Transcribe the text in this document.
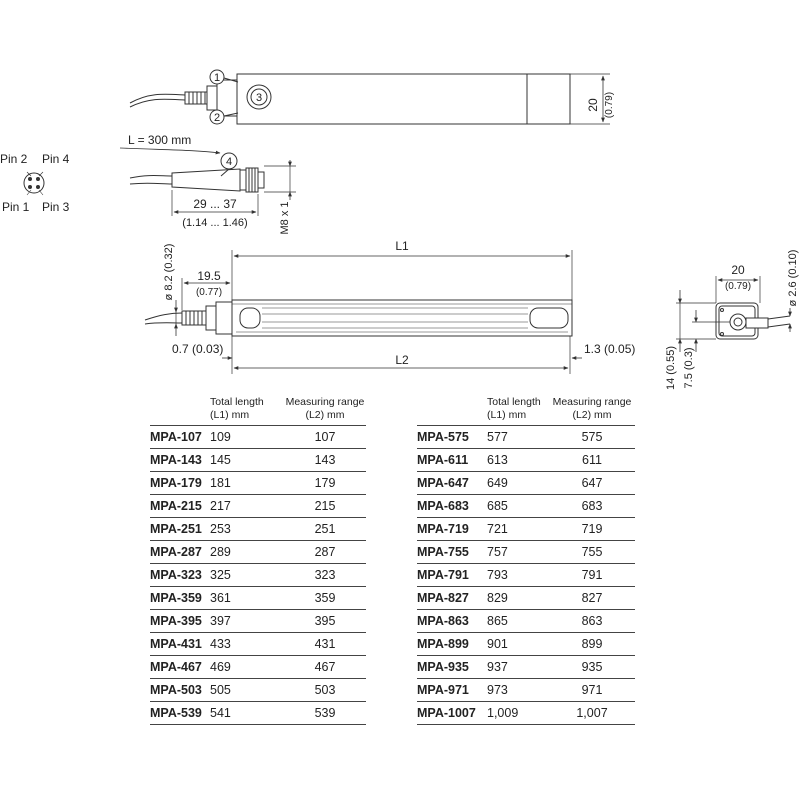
20 (0.79)
1
2
3
L = 300 mm
4
29 ... 37
(1.14 ... 1.46)	M8 x 1
Pin 2 Pin 4
Pin 1 Pin 3
L1
L2
19.5
(0.77)
ø 8.2 (0.32)
0.7 (0.03)	1.3 (0.05)
20
(0.79)	ø 2.6 (0.10)
14 (0.55) 7.5 (0.3)
	Total length
(L1) mm	Measuring range
(L2) mm
MPA-107	109	107
MPA-143	145	143
MPA-179	181	179
MPA-215	217	215
MPA-251	253	251
MPA-287	289	287
MPA-323	325	323
MPA-359	361	359
MPA-395	397	395
MPA-431	433	431
MPA-467	469	467
MPA-503	505	503
MPA-539	541	539
	Total length
(L1) mm	Measuring range
(L2) mm
MPA-575	577	575
MPA-611	613	611
MPA-647	649	647
MPA-683	685	683
MPA-719	721	719
MPA-755	757	755
MPA-791	793	791
MPA-827	829	827
MPA-863	865	863
MPA-899	901	899
MPA-935	937	935
MPA-971	973	971
MPA-1007	1,009	1,007
